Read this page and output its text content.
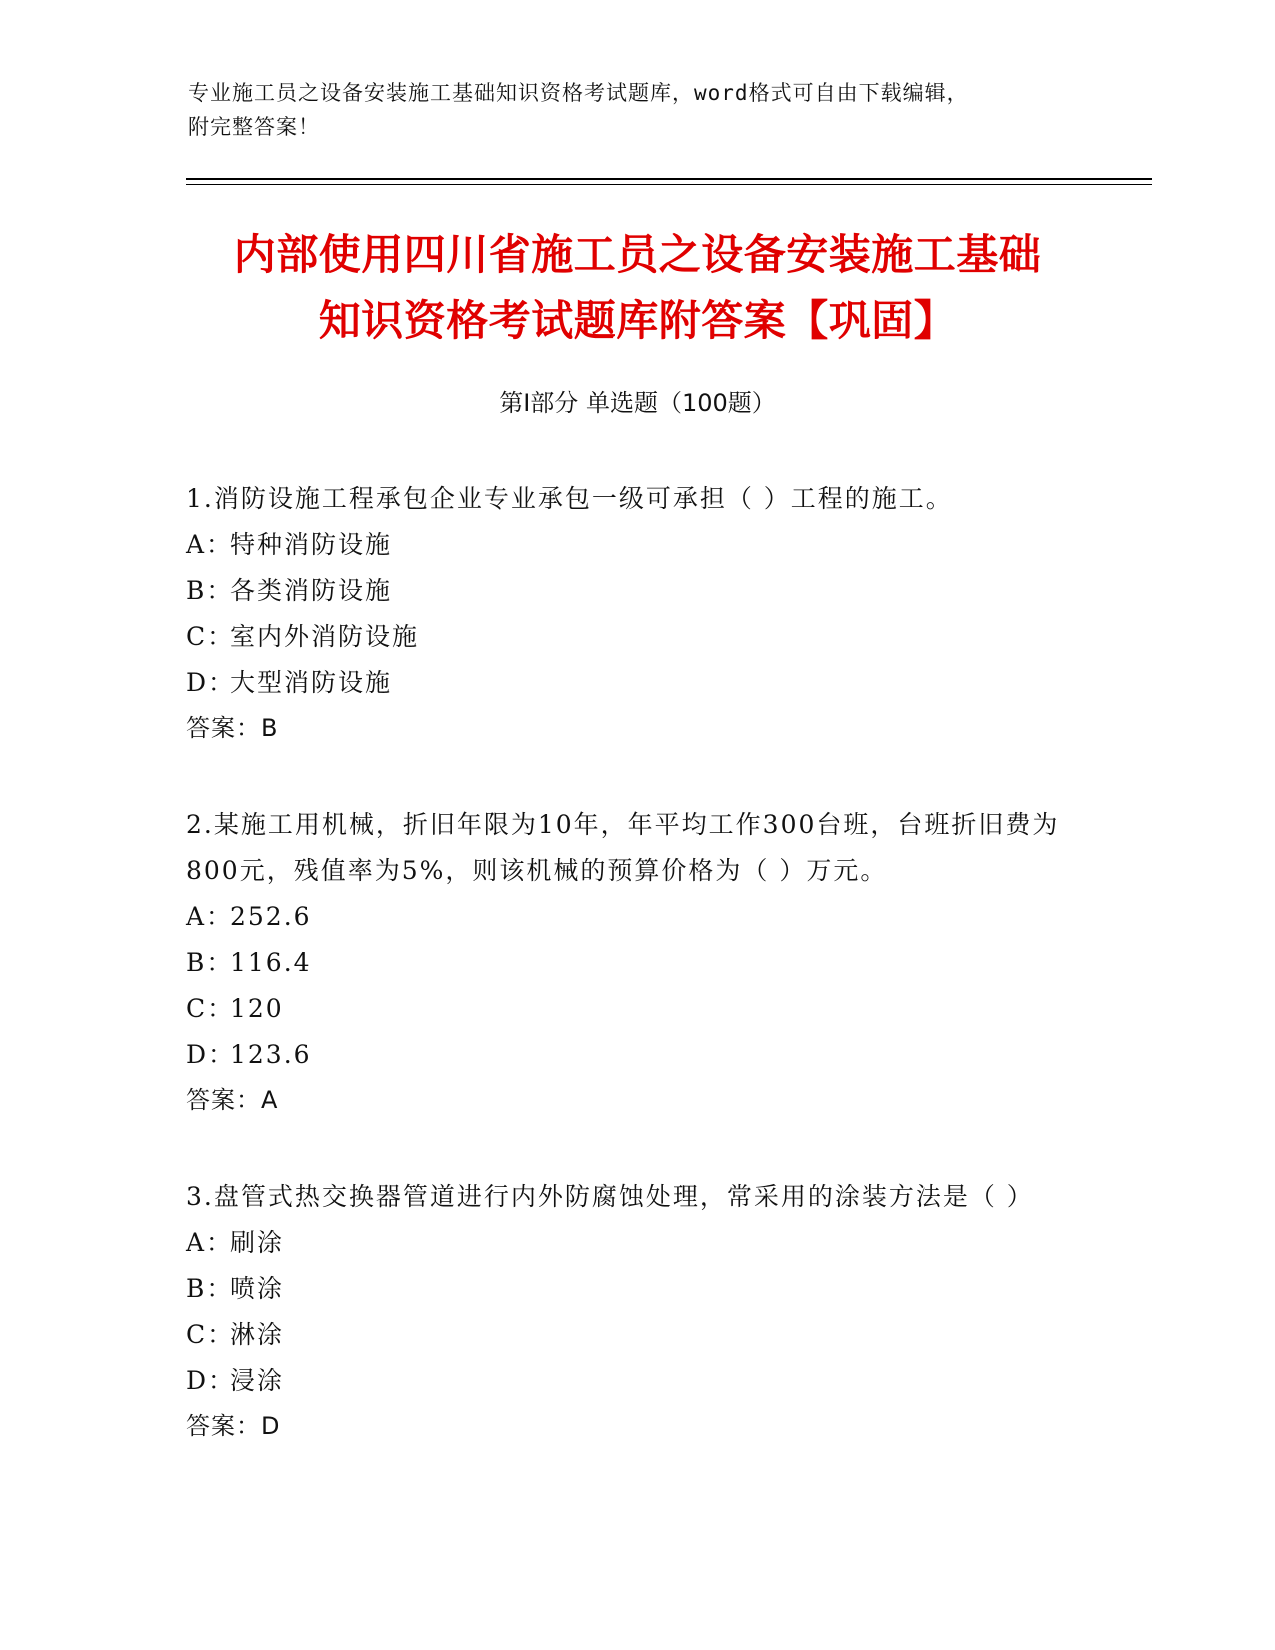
专业施工员之设备安装施工基础知识资格考试题库，word格式可自由下载编辑，
附完整答案！
内部使用四川省施工员之设备安装施工基础
知识资格考试题库附答案【巩固】
第Ⅰ部分 单选题（100题）
1.消防设施工程承包企业专业承包一级可承担（ ）工程的施工。
A：特种消防设施
B：各类消防设施
C：室内外消防设施
D：大型消防设施
答案：B
2.某施工用机械，折旧年限为10年，年平均工作300台班，台班折旧费为800元，残值率为5%，则该机械的预算价格为（ ）万元。
A：252.6
B：116.4
C：120
D：123.6
答案：A
3.盘管式热交换器管道进行内外防腐蚀处理，常采用的涂装方法是（ ）
A：刷涂
B：喷涂
C：淋涂
D：浸涂
答案：D
